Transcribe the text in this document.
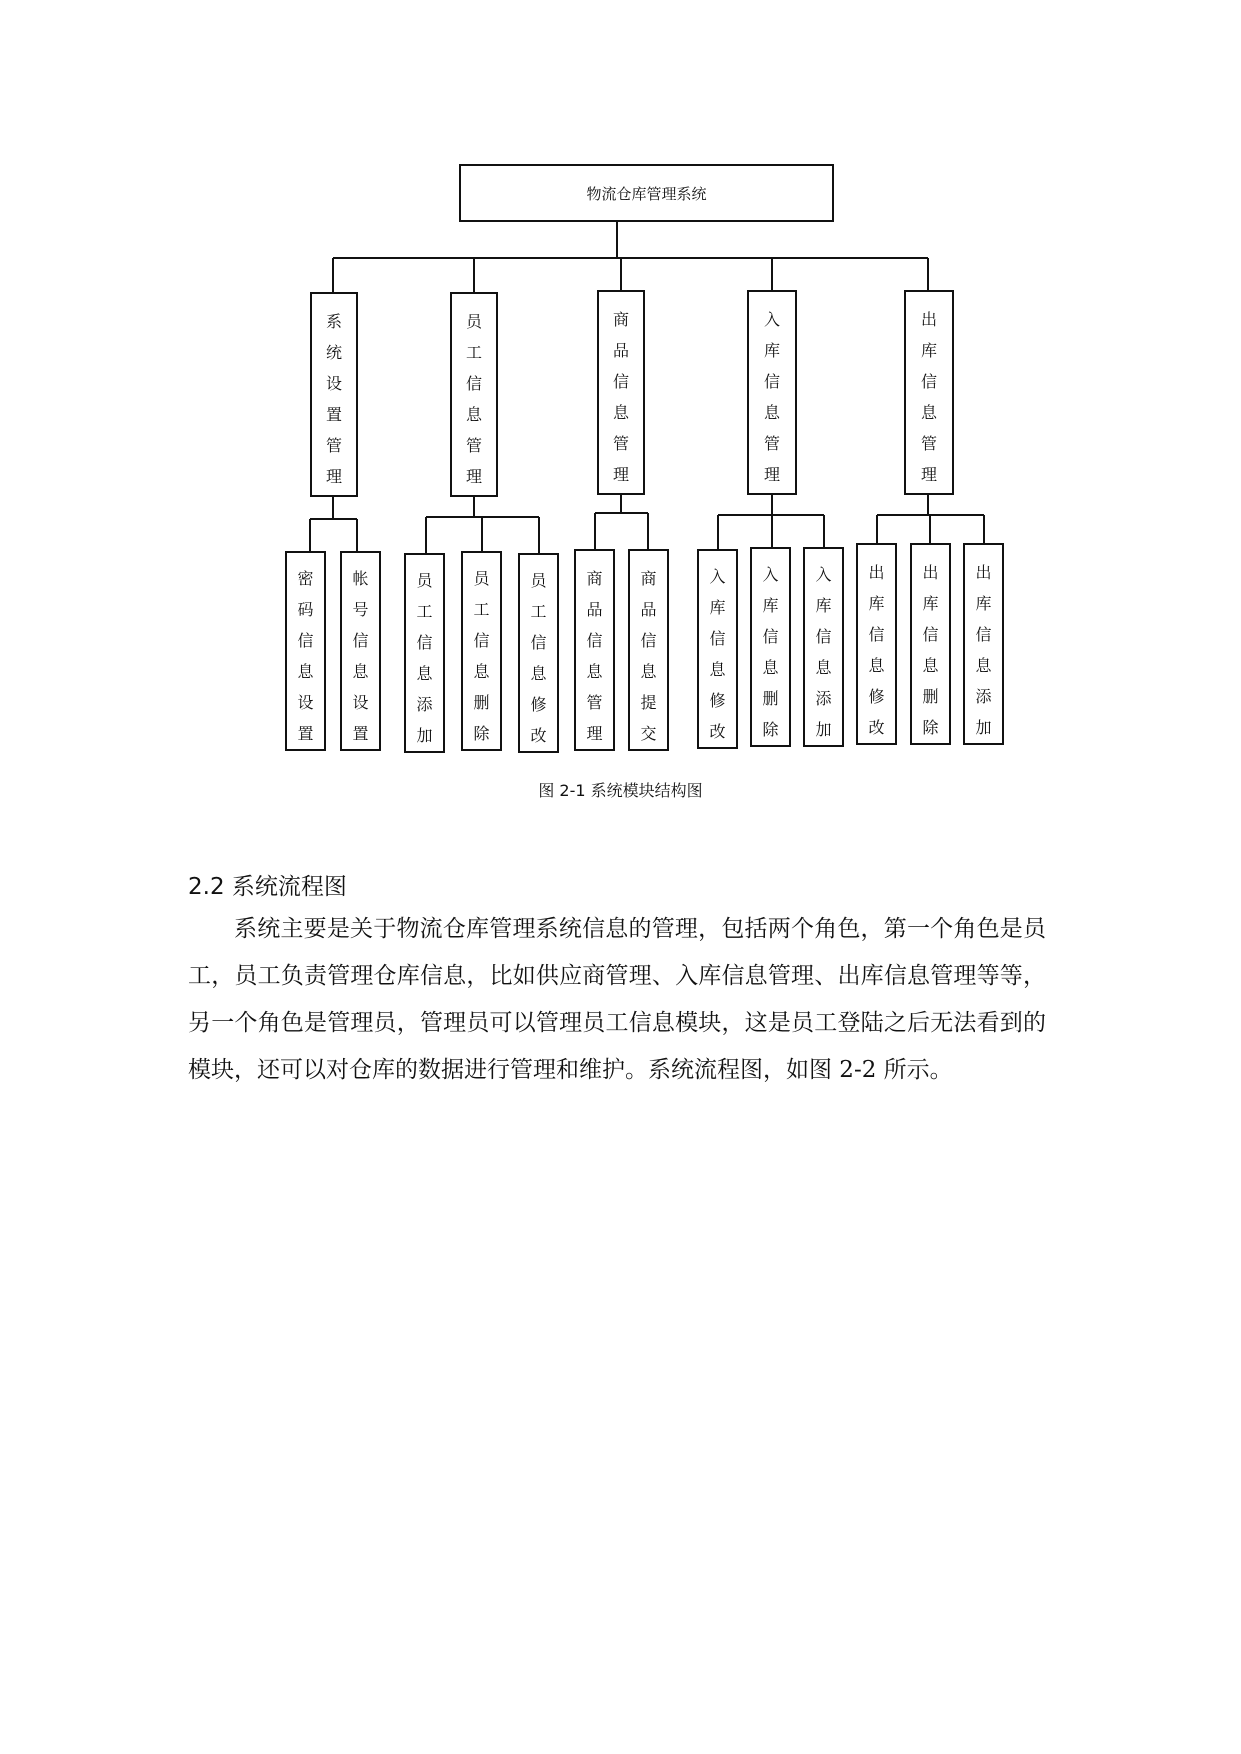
物流仓库管理系统
系
统
设
置
管
理
员
工
信
息
管
理
商
品
信
息
管
理
入
库
信
息
管
理
出
库
信
息
管
理
密
码
信
息
设
置
帐
号
信
息
设
置
员
工
信
息
添
加
员
工
信
息
删
除
员
工
信
息
修
改
商
品
信
息
管
理
商
品
信
息
提
交
入
库
信
息
修
改
入
库
信
息
删
除
入
库
信
息
添
加
出
库
信
息
修
改
出
库
信
息
删
除
出
库
信
息
添
加
图 2-1 系统模块结构图
2.2 系统流程图
系统主要是关于物流仓库管理系统信息的管理，包括两个角色，第一个角色是员工，员工负责管理仓库信息，比如供应商管理、入库信息管理、出库信息管理等等，另一个角色是管理员，管理员可以管理员工信息模块，这是员工登陆之后无法看到的模块，还可以对仓库的数据进行管理和维护。系统流程图，如图 2-2 所示。
